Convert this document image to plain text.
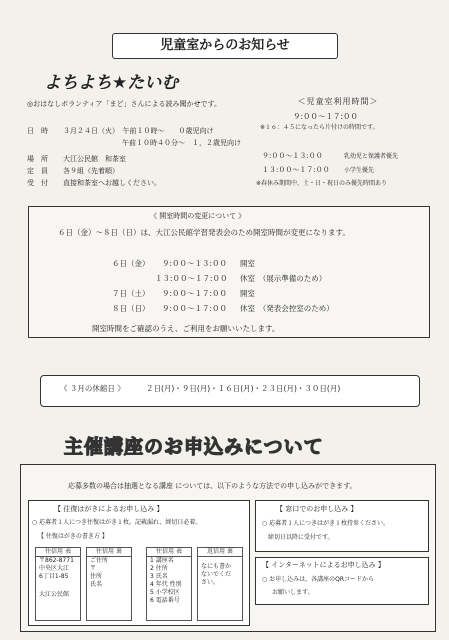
児童室からのお知らせ
よちよち★たいむ
◎おはなしボランティア「まど」さんによる読み聞かせです。
日　時 ３月２４日（火）　午前１０時〜　　０歳児向け
午前１０時４０分〜　１，２歳児向け
場　所 大江公民館　和茶室
定　員 各９組（先着順）
受　付 直接和茶室へお越しください。
＜児童室利用時間＞
９:００〜１７:００
※１６：４５になったら片付けの時間です。
９:００〜１３:００	乳幼児と保護者優先
１３:００〜１７:００ 小学生優先
※春休み期間中、土・日・祝日のみ優先時間あり
《 開室時間の変更について 》
６日（金）〜８日（日）は、大江公民館学習発表会のため開室時間が変更になります。
６日（金） ９:００〜１３:００ 開室
１３:００〜１７:００ 休室　（展示準備のため）
７日（土） ９:００〜１７:００ 開室
８日（日） ９:００〜１７:００ 休室　（発表会控室のため）
開室時間をご確認のうえ、ご利用をお願いいたします。
《 ３月の休館日 》	２日(月)・９日(月)・１６日(月)・２３日(月)・３０日(月)
主催講座のお申込みについて
応募多数の場合は抽選となる講座 については、以下のような方法での申し込みができます。
【 往復はがきによるお申し込み 】
○ 応募者１人につき往復はがき１枚。記載漏れ、締切日必着。
【 往復はがきの書き方 】
往信用 表
〒862-8771
中央区大江
6丁目1-85
大江公民館
往信用 裏
ご住所
〒
住所
氏名
往信用 表
1 講座名
2 住所
3 氏名
4 年代 性別
5 小学校区
6 電話番号
返信用 裏
なにも書か
ないでくだ
さい。
【 窓口でのお申し込み 】
○ 応募者１人につきはがき１枚持参ください。
締切日以降に受付です。
【 インターネットによるお申し込み 】
○ お申し込みは、各講座のQRコードから
お願いします。
